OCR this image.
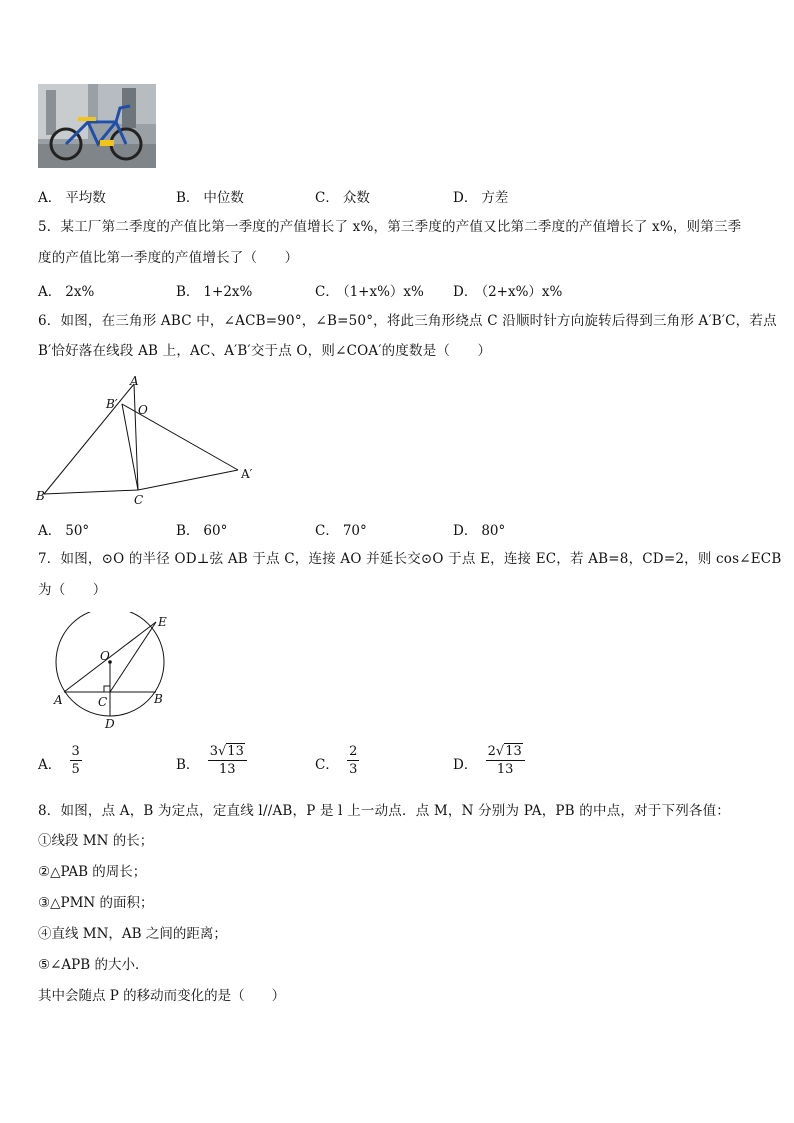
A． 平均数	B． 中位数	C． 众数	D． 方差
5．某工厂第二季度的产值比第一季度的产值增长了 x%，第三季度的产值又比第二季度的产值增长了 x%，则第三季
度的产值比第一季度的产值增长了（　　）
A． 2x%	B． 1+2x%	C． （1+x%）x% D． （2+x%）x%
6．如图，在三角形 ABC 中，∠ACB=90°，∠B=50°，将此三角形绕点 C 沿顺时针方向旋转后得到三角形 A′B′C，若点
B′恰好落在线段 AB 上，AC、A′B′交于点 O，则∠COA′的度数是（　　）
A
B′ O
A′
B	C
A． 50°	B． 60°	C． 70°	D． 80°
7．如图，⊙O 的半径 OD⊥弦 AB 于点 C，连接 AO 并延长交⊙O 于点 E，连接 EC，若 AB=8，CD=2，则 cos∠ECB
为（　　）
E
O
A	C	B
D
A． $\frac{3}{5}$	B． $\frac{3√13}{13}$	C． $\frac{2}{3}$	D． $\frac{2√13}{13}$
8．如图，点 A，B 为定点，定直线 l//AB，P 是 l 上一动点．点 M，N 分别为 PA，PB 的中点，对于下列各值：
①线段 MN 的长；
②△PAB 的周长；
③△PMN 的面积；
④直线 MN，AB 之间的距离；
⑤∠APB 的大小．
其中会随点 P 的移动而变化的是（　　）
